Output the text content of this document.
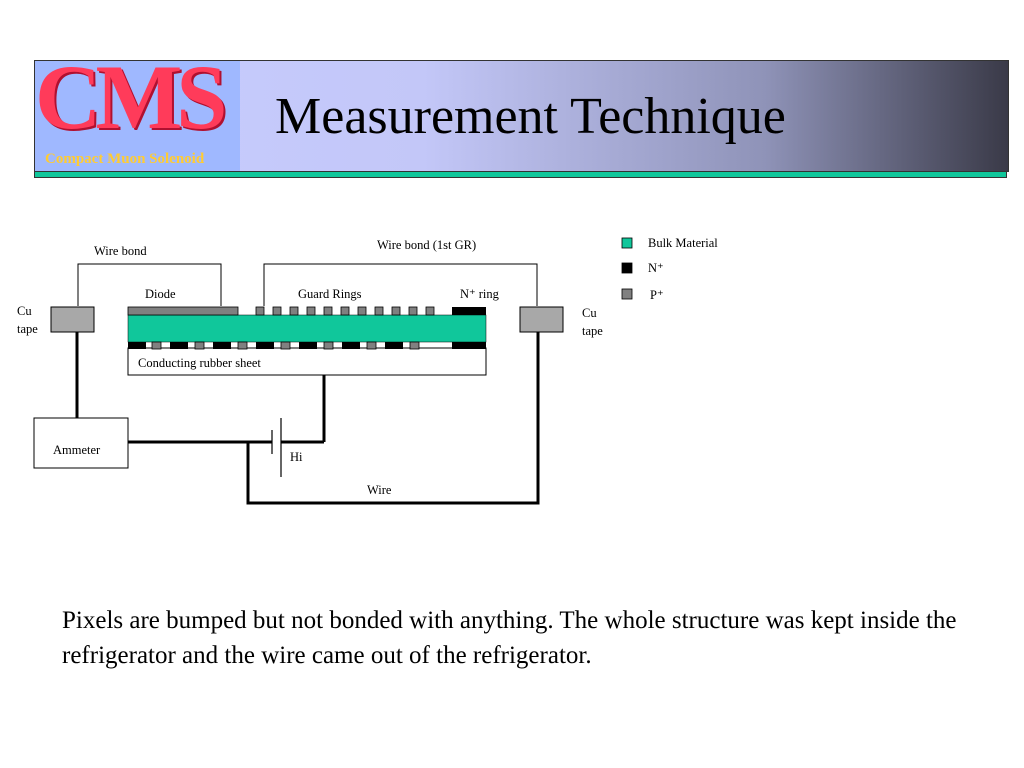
CMS
Compact Muon Solenoid
Measurement Technique
Wire bond	Wire bond (1st GR)
Diode	Guard Rings	N⁺ ring
Cu
tape
Cu
tape
Conducting rubber sheet
Ammeter	Hi
Wire
Bulk Material
N⁺
P⁺
Pixels are bumped but not bonded with anything. The whole structure was kept inside the refrigerator and the wire came out of the refrigerator.
